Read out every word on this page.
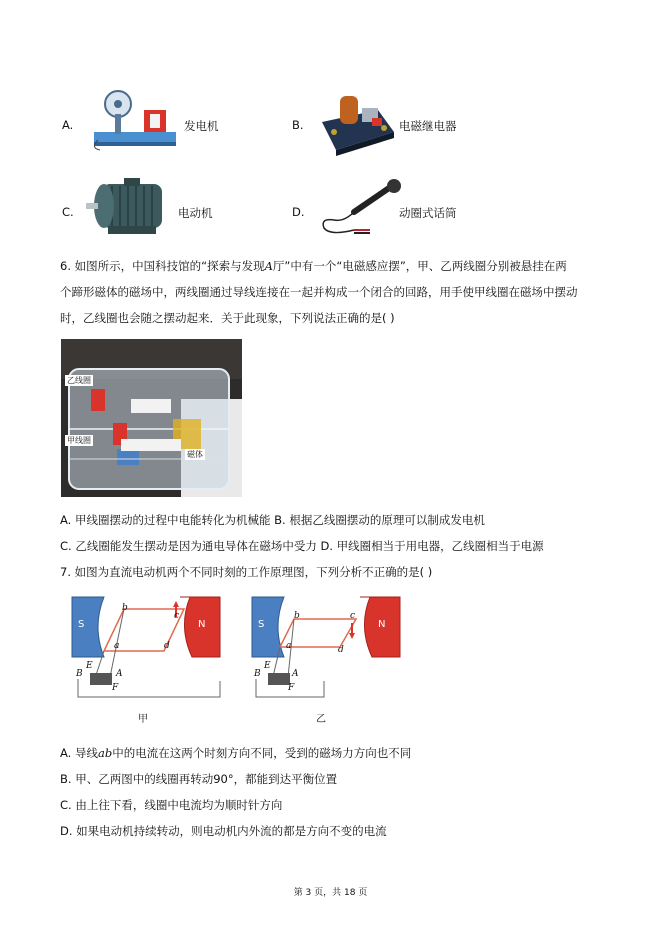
A.	发电机	B.	电磁继电器
C.	电动机	D.	动圈式话筒
6. 如图所示，中国科技馆的“探索与发现A厅”中有一个“电磁感应摆”，甲、乙两线圈分别被悬挂在两
个蹄形磁体的磁场中，两线圈通过导线连接在一起并构成一个闭合的回路，用手使甲线圈在磁场中摆动
时，乙线圈也会随之摆动起来．关于此现象，下列说法正确的是( )
乙线圈
甲线圈
磁体
A. 甲线圈摆动的过程中电能转化为机械能 B. 根据乙线圈摆动的原理可以制成发电机
C. 乙线圈能发生摆动是因为通电导体在磁场中受力 D. 甲线圈相当于用电器，乙线圈相当于电源
7. 如图为直流电动机两个不同时刻的工作原理图，下列分析不正确的是( )
S	N
a
b
c
d
E
F
A
B
甲
S	N
a
b	c
d
E
F
A
B
乙
A. 导线ab中的电流在这两个时刻方向不同，受到的磁场力方向也不同
B. 甲、乙两图中的线圈再转动90°，都能到达平衡位置
C. 由上往下看，线圈中电流均为顺时针方向
D. 如果电动机持续转动，则电动机内外流的都是方向不变的电流
第 3 页，共 18 页
